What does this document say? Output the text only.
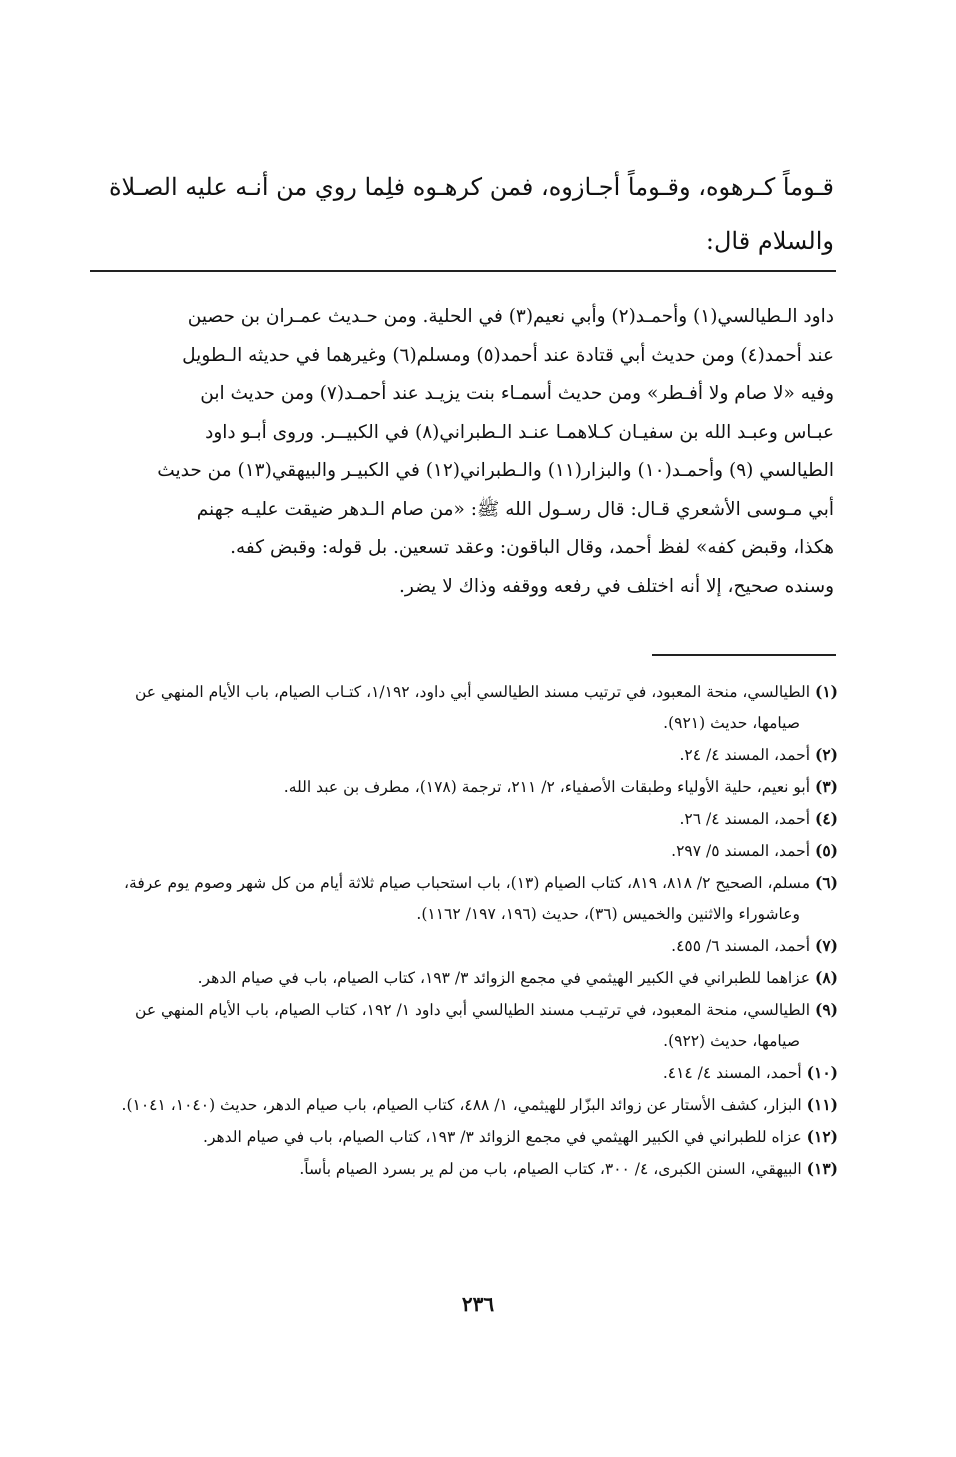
قـوماً كـرهوه، وقـوماً أجـازوه، فمن كرهـوه فلِما روي من أنـه عليه الصـلاة

والسلام قال:

داود الـطيالسي(١) وأحمـد(٢) وأبي نعيم(٣) في الحلية. ومن حـديث عمـران بن حصين

عند أحمد(٤) ومن حديث أبي قتادة عند أحمد(٥) ومسلم(٦) وغيرهما في حديثه الـطويل

وفيه «لا صام ولا أفـطر» ومن حديث أسمـاء بنت يزيـد عند أحمـد(٧) ومن حديث ابن

عبـاس وعبـد الله بن سفيـان كـلاهمـا عنـد الـطبراني(٨) في الكبيــر. وروى أبـو داود

الطيالسي (٩) وأحمـد(١٠) والبزار(١١) والـطبراني(١٢) في الكبيـر والبيهقي(١٣) من حديث

أبي مـوسى الأشعري قـال: قال رسـول الله ﷺ: «من صام الـدهر ضيقت عليـه جهنم

هكذا، وقبض كفه» لفظ أحمد، وقال الباقون: وعقد تسعين. بل قوله: وقبض كفه.

وسنده صحيح، إلا أنه اختلف في رفعه ووقفه وذاك لا يضر.

(١) الطيالسي، منحة المعبود، في ترتيب مسند الطيالسي أبي داود، ١/١٩٢، كتـاب الصيام، باب الأيام المنهي عن صيامها، حديث (٩٢١).

(٢) أحمد، المسند ٤/ ٢٤.

(٣) أبو نعيم، حلية الأولياء وطبقات الأصفياء، ٢/ ٢١١، ترجمة (١٧٨)، مطرف بن عبد الله.

(٤) أحمد، المسند ٤/ ٢٦.

(٥) أحمد، المسند ٥/ ٢٩٧.

(٦) مسلم، الصحيح ٢/ ٨١٨، ٨١٩، كتاب الصيام (١٣)، باب استحباب صيام ثلاثة أيام من كل شهر وصوم يوم عرفة، وعاشوراء والاثنين والخميس (٣٦)، حديث (١٩٦، ١٩٧/ ١١٦٢).

(٧) أحمد، المسند ٦/ ٤٥٥.

(٨) عزاهما للطبراني في الكبير الهيثمي في مجمع الزوائد ٣/ ١٩٣، كتاب الصيام، باب في صيام الدهر.

(٩) الطيالسي، منحة المعبود، في ترتيـب مسند الطيالسي أبي داود ١/ ١٩٢، كتاب الصيام، باب الأيام المنهي عن صيامها، حديث (٩٢٢).

(١٠) أحمد، المسند ٤/ ٤١٤.

(١١) البزار، كشف الأستار عن زوائد البزّار للهيثمي، ١/ ٤٨٨، كتاب الصيام، باب صيام الدهر، حديث (١٠٤٠، ١٠٤١).

(١٢) عزاه للطبراني في الكبير الهيثمي في مجمع الزوائد ٣/ ١٩٣، كتاب الصيام، باب في صيام الدهر.

(١٣) البيهقي، السنن الكبرى، ٤/ ٣٠٠، كتاب الصيام، باب من لم ير بسرد الصيام بأساً.

٢٣٦
